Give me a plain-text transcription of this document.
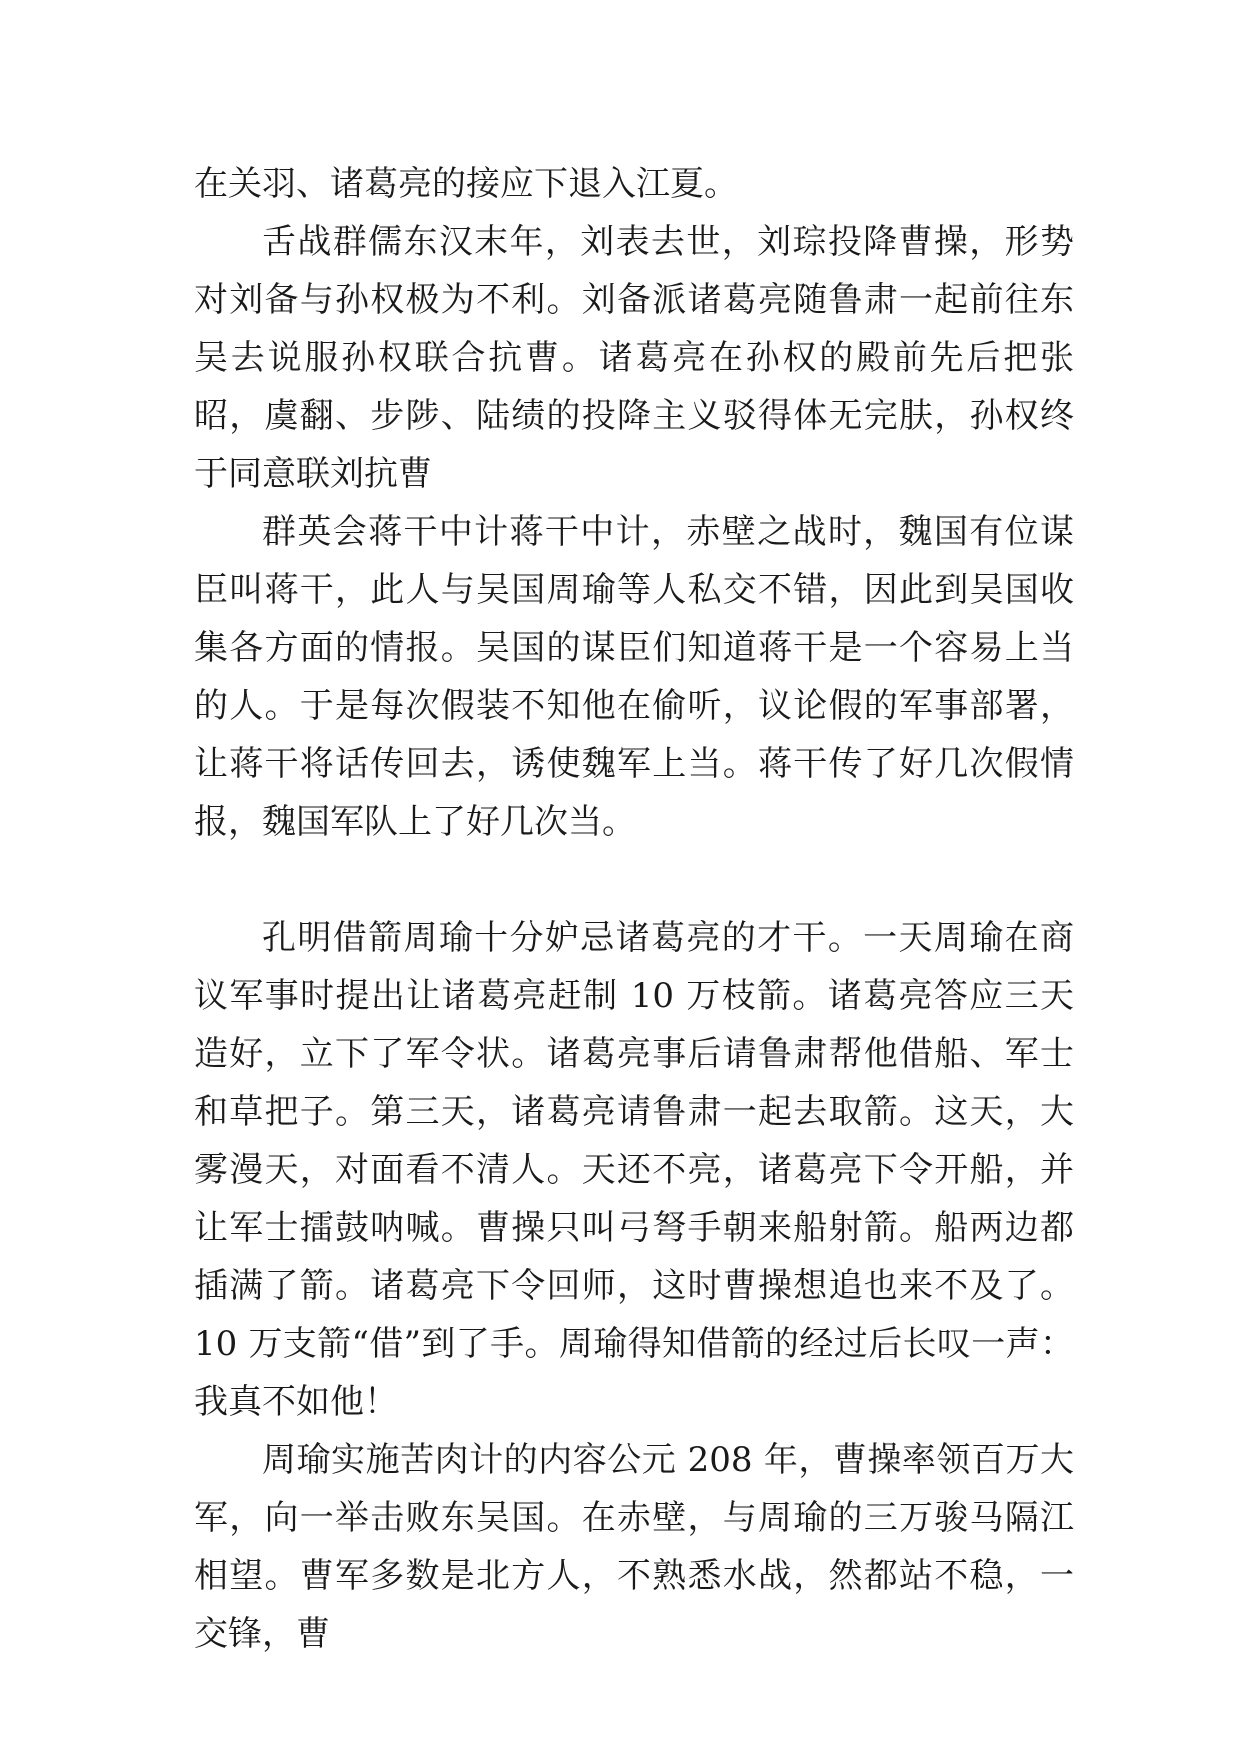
在关羽、诸葛亮的接应下退入江夏。

舌战群儒东汉末年，刘表去世，刘琮投降曹操，形势对刘备与孙权极为不利。刘备派诸葛亮随鲁肃一起前往东吴去说服孙权联合抗曹。诸葛亮在孙权的殿前先后把张昭，虞翻、步陟、陆绩的投降主义驳得体无完肤，孙权终于同意联刘抗曹

群英会蒋干中计蒋干中计，赤壁之战时，魏国有位谋臣叫蒋干，此人与吴国周瑜等人私交不错，因此到吴国收集各方面的情报。吴国的谋臣们知道蒋干是一个容易上当的人。于是每次假装不知他在偷听，议论假的军事部署，让蒋干将话传回去，诱使魏军上当。蒋干传了好几次假情报，魏国军队上了好几次当。

孔明借箭周瑜十分妒忌诸葛亮的才干。一天周瑜在商议军事时提出让诸葛亮赶制 10 万枝箭。诸葛亮答应三天造好，立下了军令状。诸葛亮事后请鲁肃帮他借船、军士和草把子。第三天，诸葛亮请鲁肃一起去取箭。这天，大雾漫天，对面看不清人。天还不亮，诸葛亮下令开船，并让军士擂鼓呐喊。曹操只叫弓弩手朝来船射箭。船两边都插满了箭。诸葛亮下令回师，这时曹操想追也来不及了。10 万支箭“借”到了手。周瑜得知借箭的经过后长叹一声：我真不如他！

周瑜实施苦肉计的内容公元 208 年，曹操率领百万大军，向一举击败东吴国。在赤壁，与周瑜的三万骏马隔江相望。曹军多数是北方人，不熟悉水战，然都站不稳，一交锋，曹
